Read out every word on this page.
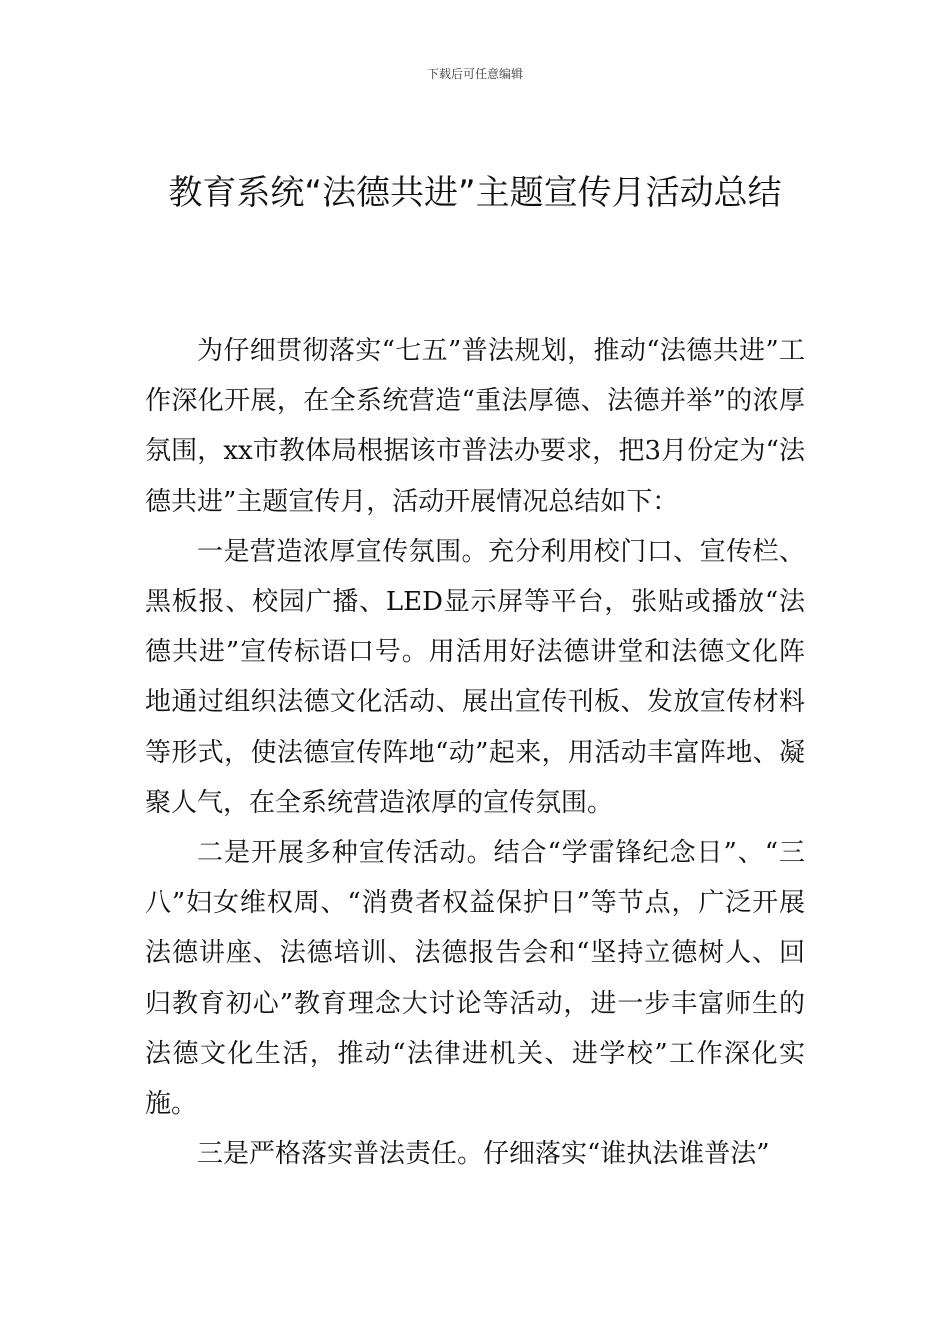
下载后可任意编辑
教育系统“法德共进”主题宣传月活动总结

为仔细贯彻落实“七五”普法规划，推动“法德共进”工作深化开展，在全系统营造“重法厚德、法德并举”的浓厚氛围，xx市教体局根据该市普法办要求，把3月份定为“法德共进”主题宣传月，活动开展情况总结如下：

一是营造浓厚宣传氛围。充分利用校门口、宣传栏、黑板报、校园广播、LED显示屏等平台，张贴或播放“法德共进”宣传标语口号。用活用好法德讲堂和法德文化阵地通过组织法德文化活动、展出宣传刊板、发放宣传材料等形式，使法德宣传阵地“动”起来，用活动丰富阵地、凝聚人气，在全系统营造浓厚的宣传氛围。

二是开展多种宣传活动。结合“学雷锋纪念日”、“三八”妇女维权周、“消费者权益保护日”等节点，广泛开展法德讲座、法德培训、法德报告会和“坚持立德树人、回归教育初心”教育理念大讨论等活动，进一步丰富师生的法德文化生活，推动“法律进机关、进学校”工作深化实施。

三是严格落实普法责任。仔细落实“谁执法谁普法”
